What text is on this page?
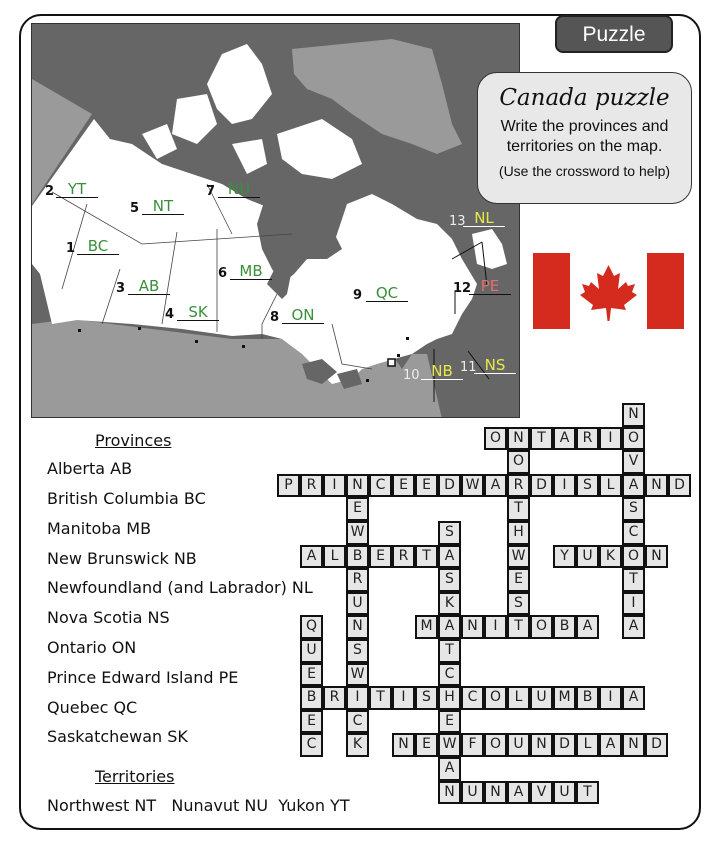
1 BC
2 YT
3 AB
4 SK
5 NT
6 MB
7 NU
8 ON
9 QC
10 NB 11 NS
12 PE
13 NL
Puzzle
Canada puzzle
Write the provinces and
territories on the map.
(Use the crossword to help)
Provinces
Alberta AB
British Columbia BC
Manitoba MB
New Brunswick NB
Newfoundland (and Labrador) NL
Nova Scotia NS
Ontario ON
Prince Edward Island PE
Quebec QC
Saskatchewan SK
Territories
Northwest NT   Nunavut NU  Yukon YT
N
O
V
A
S
C
O
T
I
A
O N T A R	I
O
R
T
H
W
E
S
T
P R	I	N C E	E D W A	D	I	S	L	N D
E
W
B
R
U
N
S
W
I
C
K
S
A
S
K
A
T
C
H
E
W
A
N
A	L	E R T	Y U K	N
M	N	I	O B A
Q
U
E
B
E
C
R	T	I	S	C O L U M B	I	A
N E	F O U N D L	A N D
U N A V U T
